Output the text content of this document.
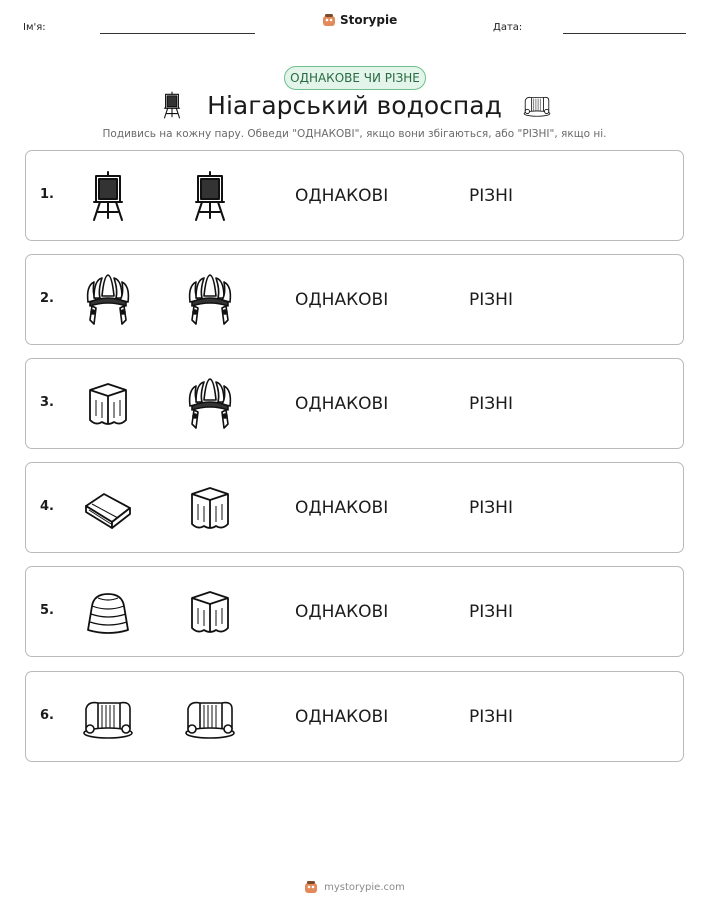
Ім'я:
Storypie
Дата:
ОДНАКОВЕ ЧИ РІЗНЕ
Ніагарський водоспад
Подивись на кожну пару. Обведи "ОДНАКОВІ", якщо вони збігаються, або "РІЗНІ", якщо ні.
1.	ОДНАКОВІ	РІЗНІ
2.	ОДНАКОВІ	РІЗНІ
3.	ОДНАКОВІ	РІЗНІ
4.	ОДНАКОВІ	РІЗНІ
5.	ОДНАКОВІ	РІЗНІ
6.	ОДНАКОВІ	РІЗНІ
mystorypie.com
